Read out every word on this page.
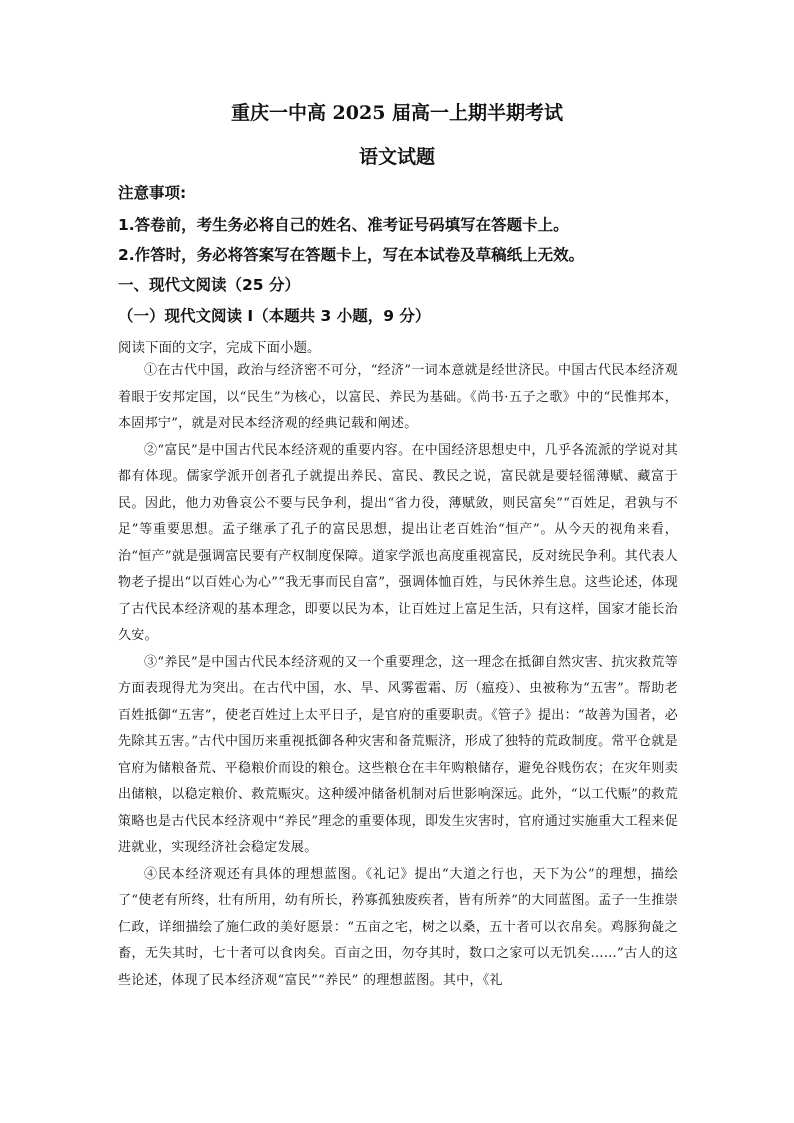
重庆一中高 2025 届高一上期半期考试
语文试题
注意事项:
1.答卷前，考生务必将自己的姓名、准考证号码填写在答题卡上。
2.作答时，务必将答案写在答题卡上，写在本试卷及草稿纸上无效。
一、现代文阅读（25 分）
（一）现代文阅读 I（本题共 3 小题，9 分）
阅读下面的文字，完成下面小题。

①在古代中国，政治与经济密不可分，“经济”一词本意就是经世济民。中国古代民本经济观着眼于安邦定国，以“民生”为核心，以富民、养民为基础。《尚书·五子之歌》中的“民惟邦本，本固邦宁”，就是对民本经济观的经典记载和阐述。

②“富民”是中国古代民本经济观的重要内容。在中国经济思想史中，几乎各流派的学说对其都有体现。儒家学派开创者孔子就提出养民、富民、教民之说，富民就是要轻徭薄赋、藏富于民。因此，他力劝鲁哀公不要与民争利，提出“省力役，薄赋敛，则民富矣”“百姓足，君孰与不足”等重要思想。孟子继承了孔子的富民思想，提出让老百姓治“恒产”。从今天的视角来看，治“恒产”就是强调富民要有产权制度保障。道家学派也高度重视富民，反对统民争利。其代表人物老子提出“以百姓心为心”“我无事而民自富”，强调体恤百姓，与民休养生息。这些论述，体现了古代民本经济观的基本理念，即要以民为本，让百姓过上富足生活，只有这样，国家才能长治久安。

③“养民”是中国古代民本经济观的又一个重要理念，这一理念在抵御自然灾害、抗灾救荒等方面表现得尤为突出。在古代中国，水、旱、风雾雹霜、厉（瘟疫）、虫被称为“五害”。帮助老百姓抵御“五害”，使老百姓过上太平日子，是官府的重要职责。《管子》提出：“故善为国者，必先除其五害。”古代中国历来重视抵御各种灾害和备荒赈济，形成了独特的荒政制度。常平仓就是官府为储粮备荒、平稳粮价而设的粮仓。这些粮仓在丰年购粮储存，避免谷贱伤农；在灾年则卖出储粮，以稳定粮价、救荒赈灾。这种缓冲储备机制对后世影响深远。此外，“以工代赈”的救荒策略也是古代民本经济观中“养民”理念的重要体现，即发生灾害时，官府通过实施重大工程来促进就业，实现经济社会稳定发展。

④民本经济观还有具体的理想蓝图。《礼记》提出“大道之行也，天下为公”的理想，描绘了“使老有所终，壮有所用，幼有所长，矜寡孤独废疾者，皆有所养”的大同蓝图。孟子一生推崇仁政，详细描绘了施仁政的美好愿景：“五亩之宅，树之以桑，五十者可以衣帛矣。鸡豚狗彘之畜，无失其时，七十者可以食肉矣。百亩之田，勿夺其时，数口之家可以无饥矣……”古人的这些论述，体现了民本经济观“富民”“养民” 的理想蓝图。其中，《礼
